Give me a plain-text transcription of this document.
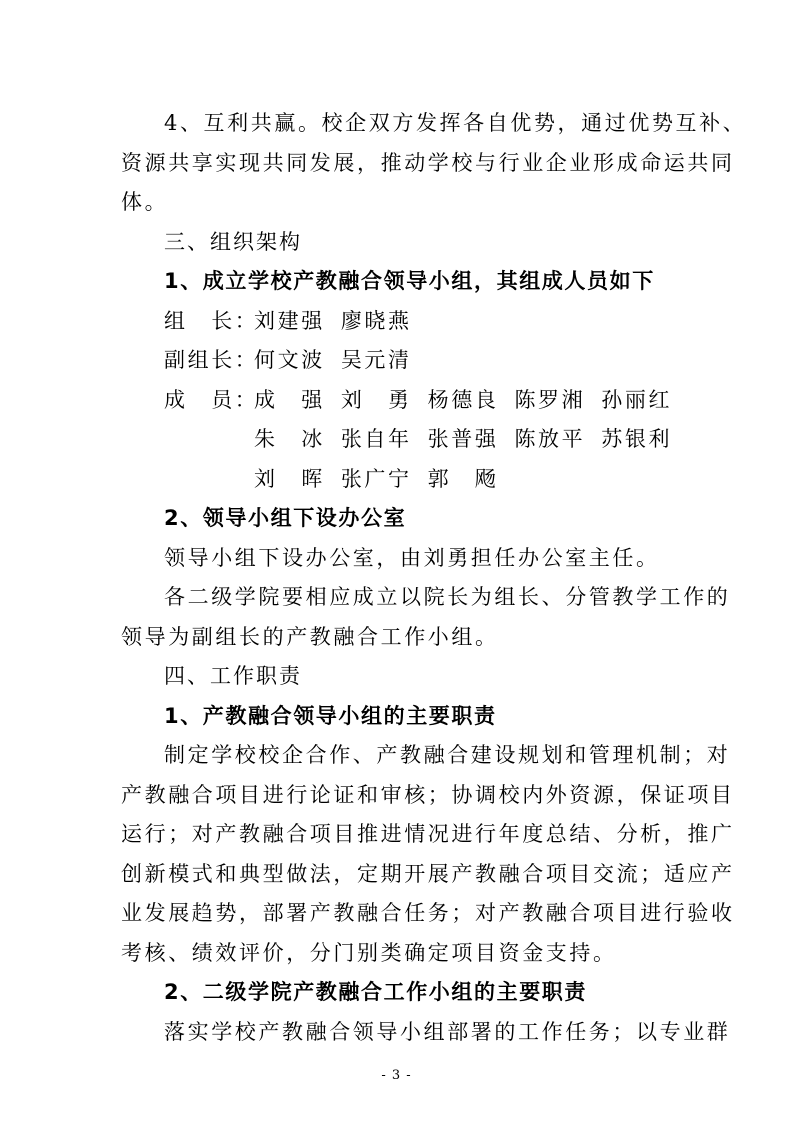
4、互利共赢。校企双方发挥各自优势，通过优势互补、
资源共享实现共同发展，推动学校与行业企业形成命运共同
体。
三、组织架构
1、成立学校产教融合领导小组，其组成人员如下
组　长：刘建强 廖晓燕
副组长：何文波 吴元清
成　员：成　强 刘　勇 杨德良 陈罗湘 孙丽红
朱　冰 张自年 张普强 陈放平 苏银利
刘　晖 张广宁 郭　飏
2、领导小组下设办公室
领导小组下设办公室，由刘勇担任办公室主任。
各二级学院要相应成立以院长为组长、分管教学工作的
领导为副组长的产教融合工作小组。
四、工作职责
1、产教融合领导小组的主要职责
制定学校校企合作、产教融合建设规划和管理机制；对
产教融合项目进行论证和审核；协调校内外资源，保证项目
运行；对产教融合项目推进情况进行年度总结、分析，推广
创新模式和典型做法，定期开展产教融合项目交流；适应产
业发展趋势，部署产教融合任务；对产教融合项目进行验收
考核、绩效评价，分门别类确定项目资金支持。
2、二级学院产教融合工作小组的主要职责
落实学校产教融合领导小组部署的工作任务；以专业群
- 3 -
